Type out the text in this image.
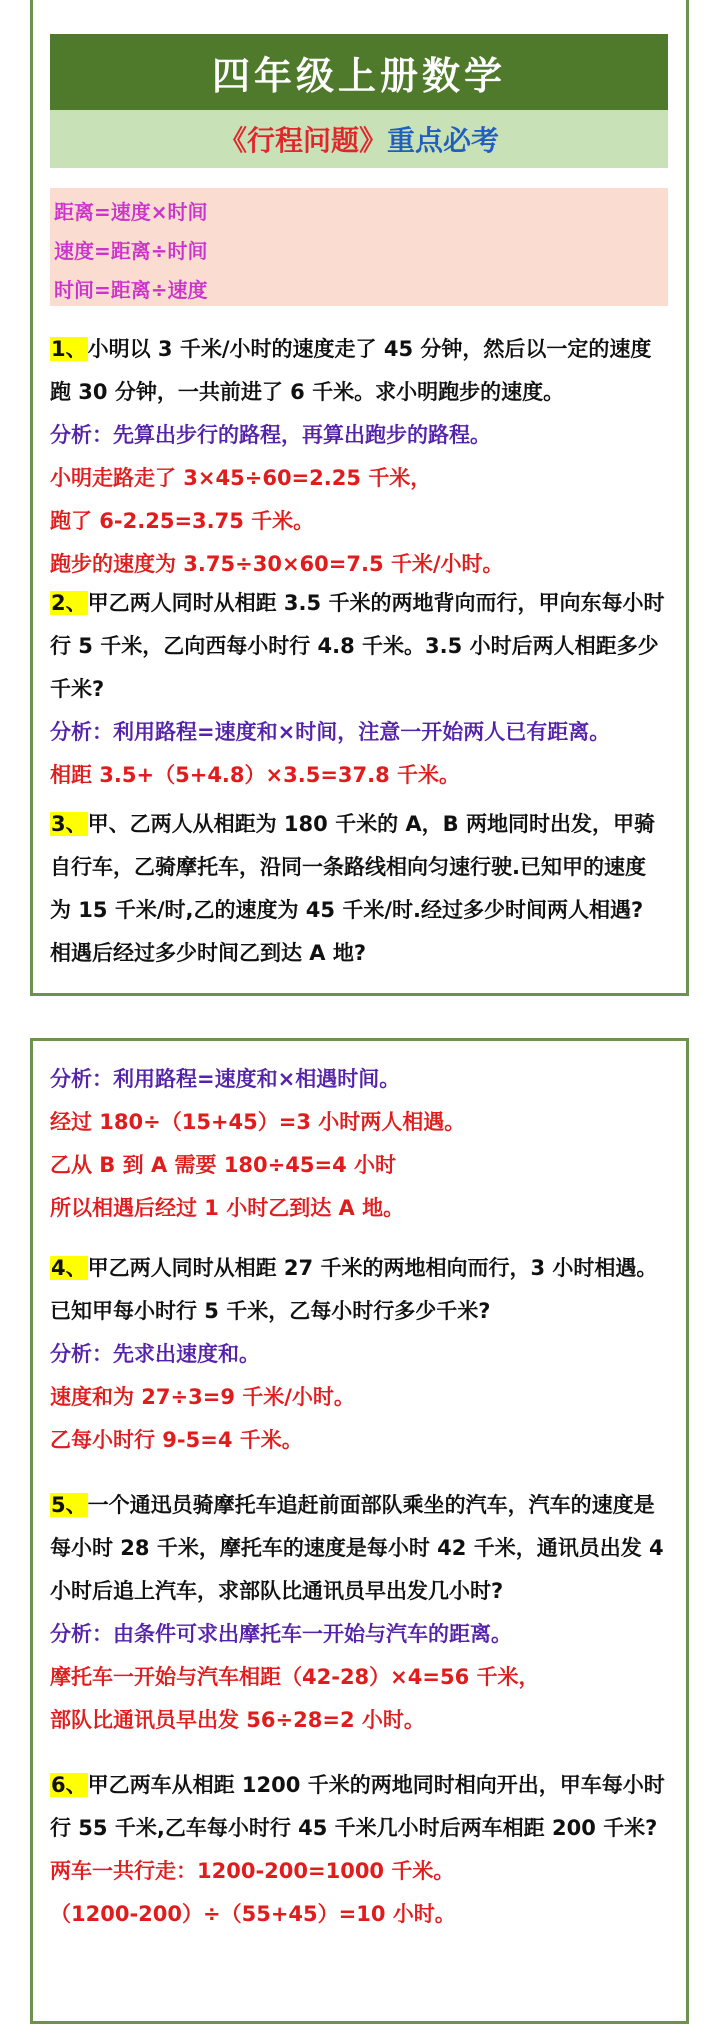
四年级上册数学
《行程问题》 重点必考
距离=速度×时间
速度=距离÷时间
时间=距离÷速度
1、小明以 3 千米/小时的速度走了 45 分钟，然后以一定的速度
跑 30 分钟，一共前进了 6 千米。求小明跑步的速度。
分析：先算出步行的路程，再算出跑步的路程。
小明走路走了 3×45÷60=2.25 千米，
跑了 6-2.25=3.75 千米。
跑步的速度为 3.75÷30×60=7.5 千米/小时。
2、甲乙两人同时从相距 3.5 千米的两地背向而行，甲向东每小时
行 5 千米，乙向西每小时行 4.8 千米。3.5 小时后两人相距多少
千米?
分析：利用路程=速度和×时间，注意一开始两人已有距离。
相距 3.5+（5+4.8）×3.5=37.8 千米。
3、甲、乙两人从相距为 180 千米的 A，B 两地同时出发，甲骑
自行车，乙骑摩托车，沿同一条路线相向匀速行驶.已知甲的速度
为 15 千米/时,乙的速度为 45 千米/时.经过多少时间两人相遇?
相遇后经过多少时间乙到达 A 地?
分析：利用路程=速度和×相遇时间。
经过 180÷（15+45）=3 小时两人相遇。
乙从 B 到 A 需要 180÷45=4 小时
所以相遇后经过 1 小时乙到达 A 地。
4、甲乙两人同时从相距 27 千米的两地相向而行，3 小时相遇。
已知甲每小时行 5 千米，乙每小时行多少千米?
分析：先求出速度和。
速度和为 27÷3=9 千米/小时。
乙每小时行 9-5=4 千米。
5、一个通迅员骑摩托车追赶前面部队乘坐的汽车，汽车的速度是
每小时 28 千米，摩托车的速度是每小时 42 千米，通讯员出发 4
小时后追上汽车，求部队比通讯员早出发几小时?
分析：由条件可求出摩托车一开始与汽车的距离。
摩托车一开始与汽车相距（42-28）×4=56 千米，
部队比通讯员早出发 56÷28=2 小时。
6、甲乙两车从相距 1200 千米的两地同时相向开出，甲车每小时
行 55 千米,乙车每小时行 45 千米几小时后两车相距 200 千米?
两车一共行走：1200-200=1000 千米。
（1200-200）÷（55+45）=10 小时。
